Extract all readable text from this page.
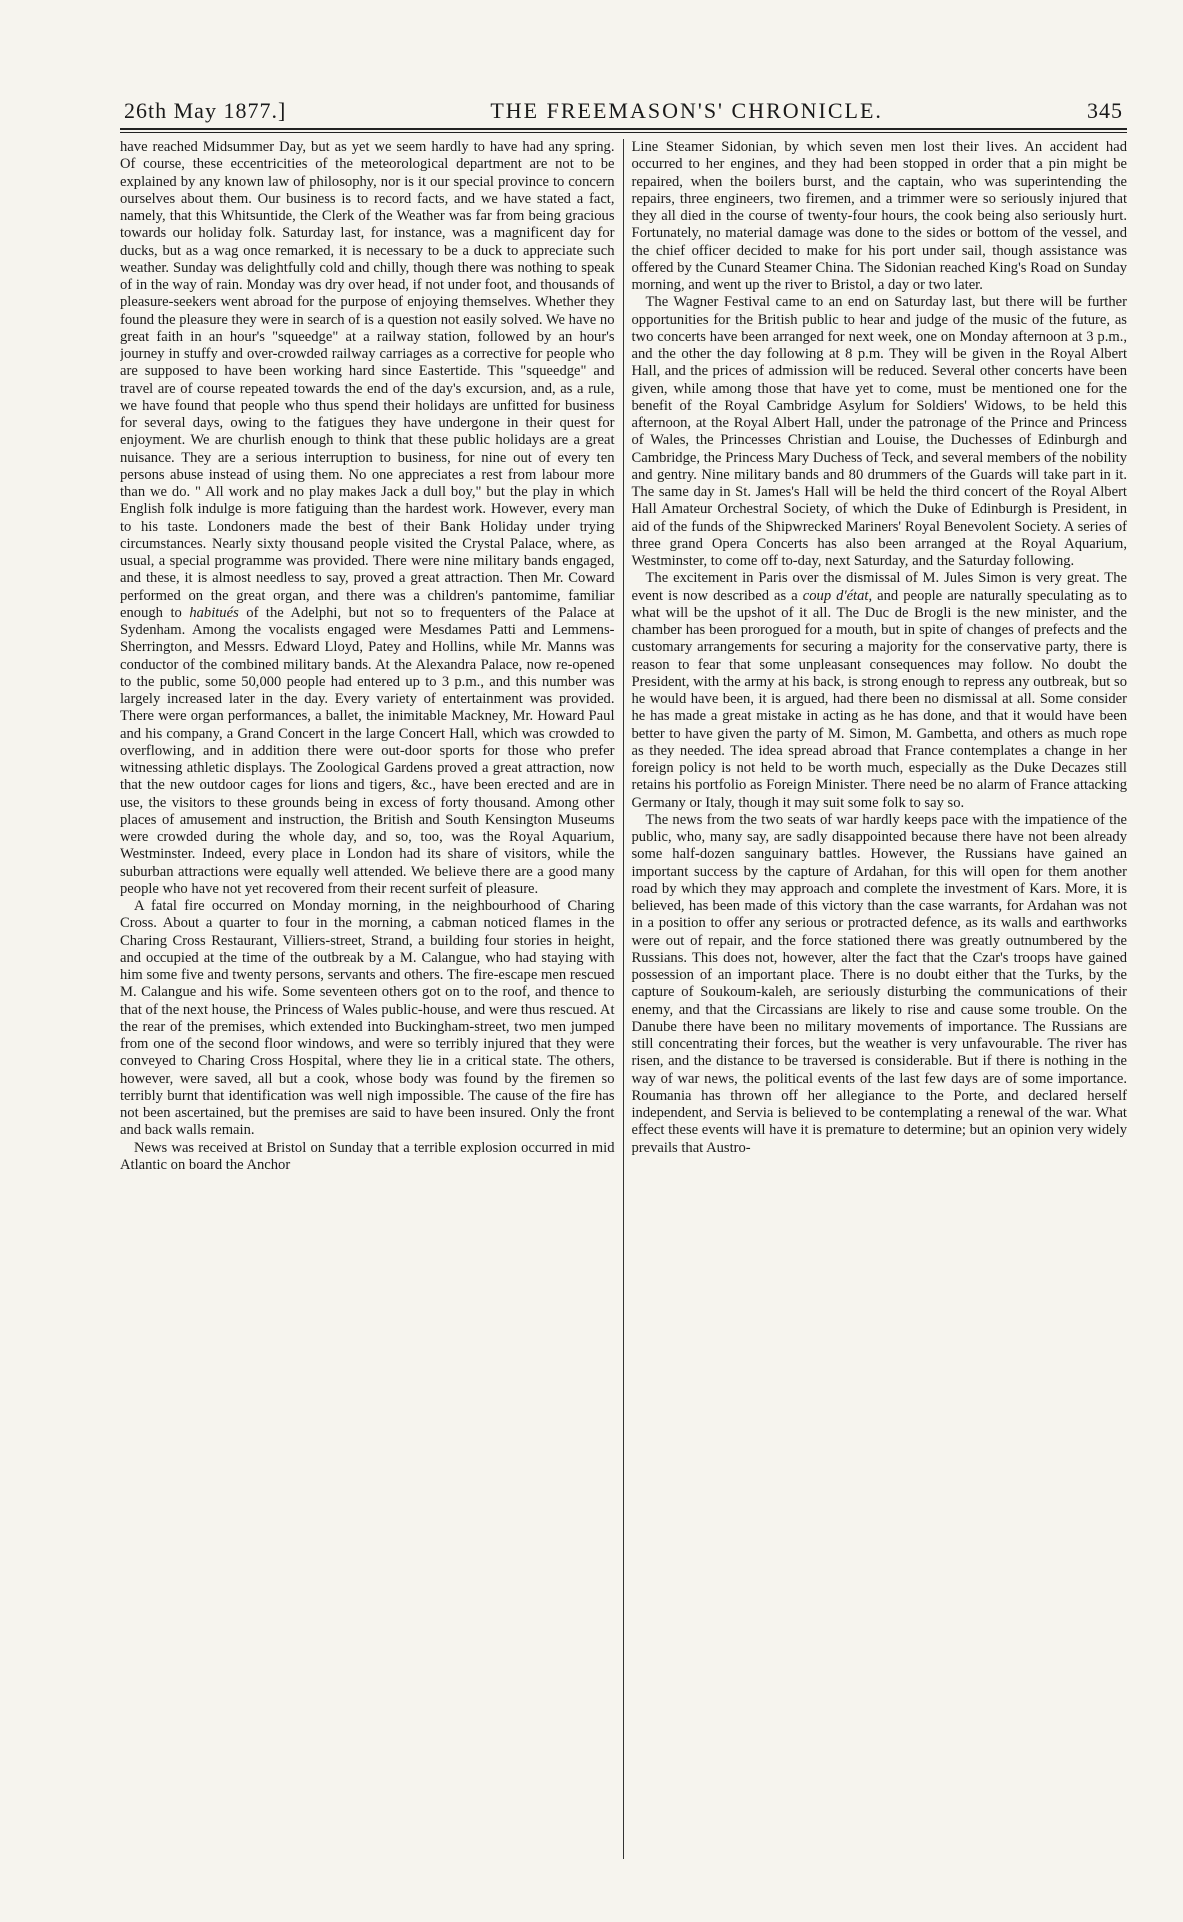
26th May 1877.]	THE FREEMASON'S' CHRONICLE.	345

have reached Midsummer Day, but as yet we seem hardly to have had any spring. Of course, these eccentricities of the meteorological department are not to be explained by any known law of philosophy, nor is it our special province to concern ourselves about them. Our business is to record facts, and we have stated a fact, namely, that this Whitsuntide, the Clerk of the Weather was far from being gracious towards our holiday folk. Saturday last, for instance, was a magnificent day for ducks, but as a wag once remarked, it is necessary to be a duck to appreciate such weather. Sunday was delightfully cold and chilly, though there was nothing to speak of in the way of rain. Monday was dry over head, if not under foot, and thousands of pleasure-seekers went abroad for the purpose of enjoying themselves. Whether they found the pleasure they were in search of is a question not easily solved. We have no great faith in an hour's "squeedge" at a railway station, followed by an hour's journey in stuffy and over-crowded railway carriages as a corrective for people who are supposed to have been working hard since Eastertide. This "squeedge" and travel are of course repeated towards the end of the day's excursion, and, as a rule, we have found that people who thus spend their holidays are unfitted for business for several days, owing to the fatigues they have undergone in their quest for enjoyment. We are churlish enough to think that these public holidays are a great nuisance. They are a serious interruption to business, for nine out of every ten persons abuse instead of using them. No one appreciates a rest from labour more than we do. " All work and no play makes Jack a dull boy," but the play in which English folk indulge is more fatiguing than the hardest work. However, every man to his taste. Londoners made the best of their Bank Holiday under trying circumstances. Nearly sixty thousand people visited the Crystal Palace, where, as usual, a special programme was provided. There were nine military bands engaged, and these, it is almost needless to say, proved a great attraction. Then Mr. Coward performed on the great organ, and there was a children's pantomime, familiar enough to habitués of the Adelphi, but not so to frequenters of the Palace at Sydenham. Among the vocalists engaged were Mesdames Patti and Lemmens-Sherrington, and Messrs. Edward Lloyd, Patey and Hollins, while Mr. Manns was conductor of the combined military bands. At the Alexandra Palace, now re-opened to the public, some 50,000 people had entered up to 3 p.m., and this number was largely increased later in the day. Every variety of entertainment was provided. There were organ performances, a ballet, the inimitable Mackney, Mr. Howard Paul and his company, a Grand Concert in the large Concert Hall, which was crowded to overflowing, and in addition there were out-door sports for those who prefer witnessing athletic displays. The Zoological Gardens proved a great attraction, now that the new outdoor cages for lions and tigers, &c., have been erected and are in use, the visitors to these grounds being in excess of forty thousand. Among other places of amusement and instruction, the British and South Kensington Museums were crowded during the whole day, and so, too, was the Royal Aquarium, Westminster. Indeed, every place in London had its share of visitors, while the suburban attractions were equally well attended. We believe there are a good many people who have not yet recovered from their recent surfeit of pleasure.

A fatal fire occurred on Monday morning, in the neighbourhood of Charing Cross. About a quarter to four in the morning, a cabman noticed flames in the Charing Cross Restaurant, Villiers-street, Strand, a building four stories in height, and occupied at the time of the outbreak by a M. Calangue, who had staying with him some five and twenty persons, servants and others. The fire-escape men rescued M. Calangue and his wife. Some seventeen others got on to the roof, and thence to that of the next house, the Princess of Wales public-house, and were thus rescued. At the rear of the premises, which extended into Buckingham-street, two men jumped from one of the second floor windows, and were so terribly injured that they were conveyed to Charing Cross Hospital, where they lie in a critical state. The others, however, were saved, all but a cook, whose body was found by the firemen so terribly burnt that identification was well nigh impossible. The cause of the fire has not been ascertained, but the premises are said to have been insured. Only the front and back walls remain.

News was received at Bristol on Sunday that a terrible explosion occurred in mid Atlantic on board the Anchor

Line Steamer Sidonian, by which seven men lost their lives. An accident had occurred to her engines, and they had been stopped in order that a pin might be repaired, when the boilers burst, and the captain, who was superintending the repairs, three engineers, two firemen, and a trimmer were so seriously injured that they all died in the course of twenty-four hours, the cook being also seriously hurt. Fortunately, no material damage was done to the sides or bottom of the vessel, and the chief officer decided to make for his port under sail, though assistance was offered by the Cunard Steamer China. The Sidonian reached King's Road on Sunday morning, and went up the river to Bristol, a day or two later.

The Wagner Festival came to an end on Saturday last, but there will be further opportunities for the British public to hear and judge of the music of the future, as two concerts have been arranged for next week, one on Monday afternoon at 3 p.m., and the other the day following at 8 p.m. They will be given in the Royal Albert Hall, and the prices of admission will be reduced. Several other concerts have been given, while among those that have yet to come, must be mentioned one for the benefit of the Royal Cambridge Asylum for Soldiers' Widows, to be held this afternoon, at the Royal Albert Hall, under the patronage of the Prince and Princess of Wales, the Princesses Christian and Louise, the Duchesses of Edinburgh and Cambridge, the Princess Mary Duchess of Teck, and several members of the nobility and gentry. Nine military bands and 80 drummers of the Guards will take part in it. The same day in St. James's Hall will be held the third concert of the Royal Albert Hall Amateur Orchestral Society, of which the Duke of Edinburgh is President, in aid of the funds of the Shipwrecked Mariners' Royal Benevolent Society. A series of three grand Opera Concerts has also been arranged at the Royal Aquarium, Westminster, to come off to-day, next Saturday, and the Saturday following.

The excitement in Paris over the dismissal of M. Jules Simon is very great. The event is now described as a coup d'état, and people are naturally speculating as to what will be the upshot of it all. The Duc de Brogli is the new minister, and the chamber has been prorogued for a mouth, but in spite of changes of prefects and the customary arrangements for securing a majority for the conservative party, there is reason to fear that some unpleasant consequences may follow. No doubt the President, with the army at his back, is strong enough to repress any outbreak, but so he would have been, it is argued, had there been no dismissal at all. Some consider he has made a great mistake in acting as he has done, and that it would have been better to have given the party of M. Simon, M. Gambetta, and others as much rope as they needed. The idea spread abroad that France contemplates a change in her foreign policy is not held to be worth much, especially as the Duke Decazes still retains his portfolio as Foreign Minister. There need be no alarm of France attacking Germany or Italy, though it may suit some folk to say so.

The news from the two seats of war hardly keeps pace with the impatience of the public, who, many say, are sadly disappointed because there have not been already some half-dozen sanguinary battles. However, the Russians have gained an important success by the capture of Ardahan, for this will open for them another road by which they may approach and complete the investment of Kars. More, it is believed, has been made of this victory than the case warrants, for Ardahan was not in a position to offer any serious or protracted defence, as its walls and earthworks were out of repair, and the force stationed there was greatly outnumbered by the Russians. This does not, however, alter the fact that the Czar's troops have gained possession of an important place. There is no doubt either that the Turks, by the capture of Soukoum-kaleh, are seriously disturbing the communications of their enemy, and that the Circassians are likely to rise and cause some trouble. On the Danube there have been no military movements of importance. The Russians are still concentrating their forces, but the weather is very unfavourable. The river has risen, and the distance to be traversed is considerable. But if there is nothing in the way of war news, the political events of the last few days are of some importance. Roumania has thrown off her allegiance to the Porte, and declared herself independent, and Servia is believed to be contemplating a renewal of the war. What effect these events will have it is premature to determine; but an opinion very widely prevails that Austro-
